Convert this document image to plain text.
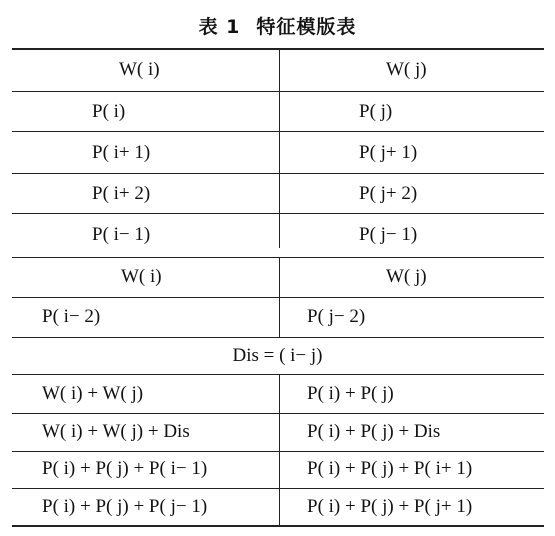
表 1 特征模版表
W( i)	W( j)
P( i)	P( j)
P( i+ 1)	P( j+ 1)
P( i+ 2)	P( j+ 2)
P( i− 1)	P( j− 1)
W( i)	W( j)
P( i− 2)	P( j− 2)
Dis = ( i− j)
W( i) + W( j)	P( i) + P( j)
W( i) + W( j) + Dis	P( i) + P( j) + Dis
P( i) + P( j) + P( i− 1)	P( i) + P( j) + P( i+ 1)
P( i) + P( j) + P( j− 1)	P( i) + P( j) + P( j+ 1)
